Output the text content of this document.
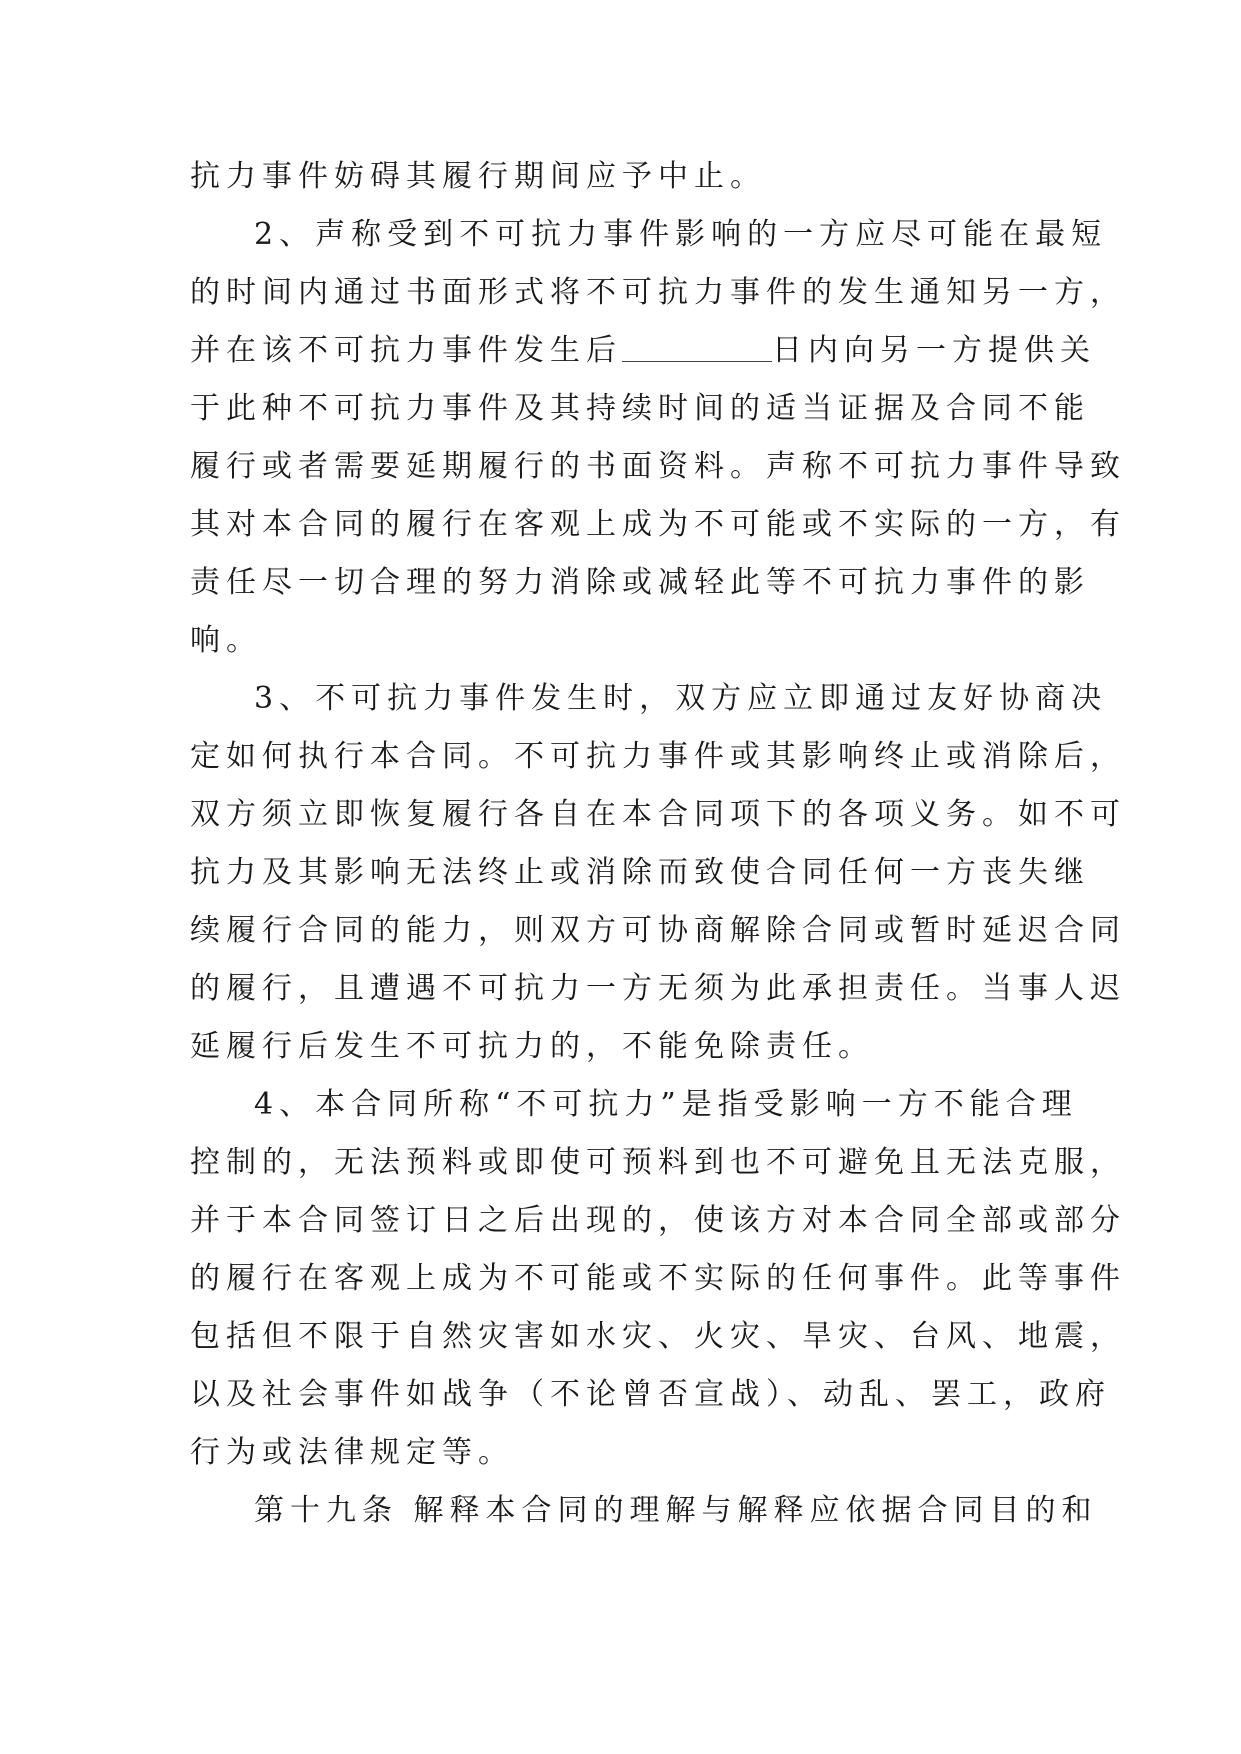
抗力事件妨碍其履行期间应予中止。
2、声称受到不可抗力事件影响的一方应尽可能在最短
的时间内通过书面形式将不可抗力事件的发生通知另一方，
并在该不可抗力事件发生后	日内向另一方提供关
于此种不可抗力事件及其持续时间的适当证据及合同不能
履行或者需要延期履行的书面资料。声称不可抗力事件导致
其对本合同的履行在客观上成为不可能或不实际的一方，有
责任尽一切合理的努力消除或减轻此等不可抗力事件的影
响。
3、不可抗力事件发生时，双方应立即通过友好协商决
定如何执行本合同。不可抗力事件或其影响终止或消除后，
双方须立即恢复履行各自在本合同项下的各项义务。如不可
抗力及其影响无法终止或消除而致使合同任何一方丧失继
续履行合同的能力，则双方可协商解除合同或暂时延迟合同
的履行，且遭遇不可抗力一方无须为此承担责任。当事人迟
延履行后发生不可抗力的，不能免除责任。
4、本合同所称“不可抗力”是指受影响一方不能合理
控制的，无法预料或即使可预料到也不可避免且无法克服，
并于本合同签订日之后出现的，使该方对本合同全部或部分
的履行在客观上成为不可能或不实际的任何事件。此等事件
包括但不限于自然灾害如水灾、火灾、旱灾、台风、地震，
以及社会事件如战争（不论曾否宣战）、动乱、罢工，政府
行为或法律规定等。
第十九条 解释本合同的理解与解释应依据合同目的和
